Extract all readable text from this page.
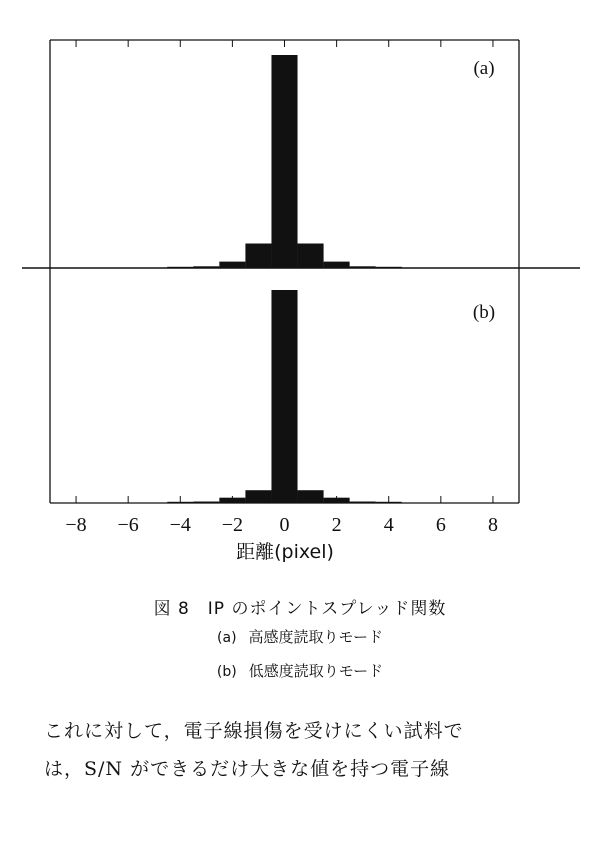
−8 −6 −4 −2 0 2 4 6 8
(a)
(b)
距離(pixel)
図 8　IP のポイントスプレッド関数
(a) 高感度読取りモード
(b) 低感度読取りモード
これに対して，電子線損傷を受けにくい試料で
は，S/N ができるだけ大きな値を持つ電子線
